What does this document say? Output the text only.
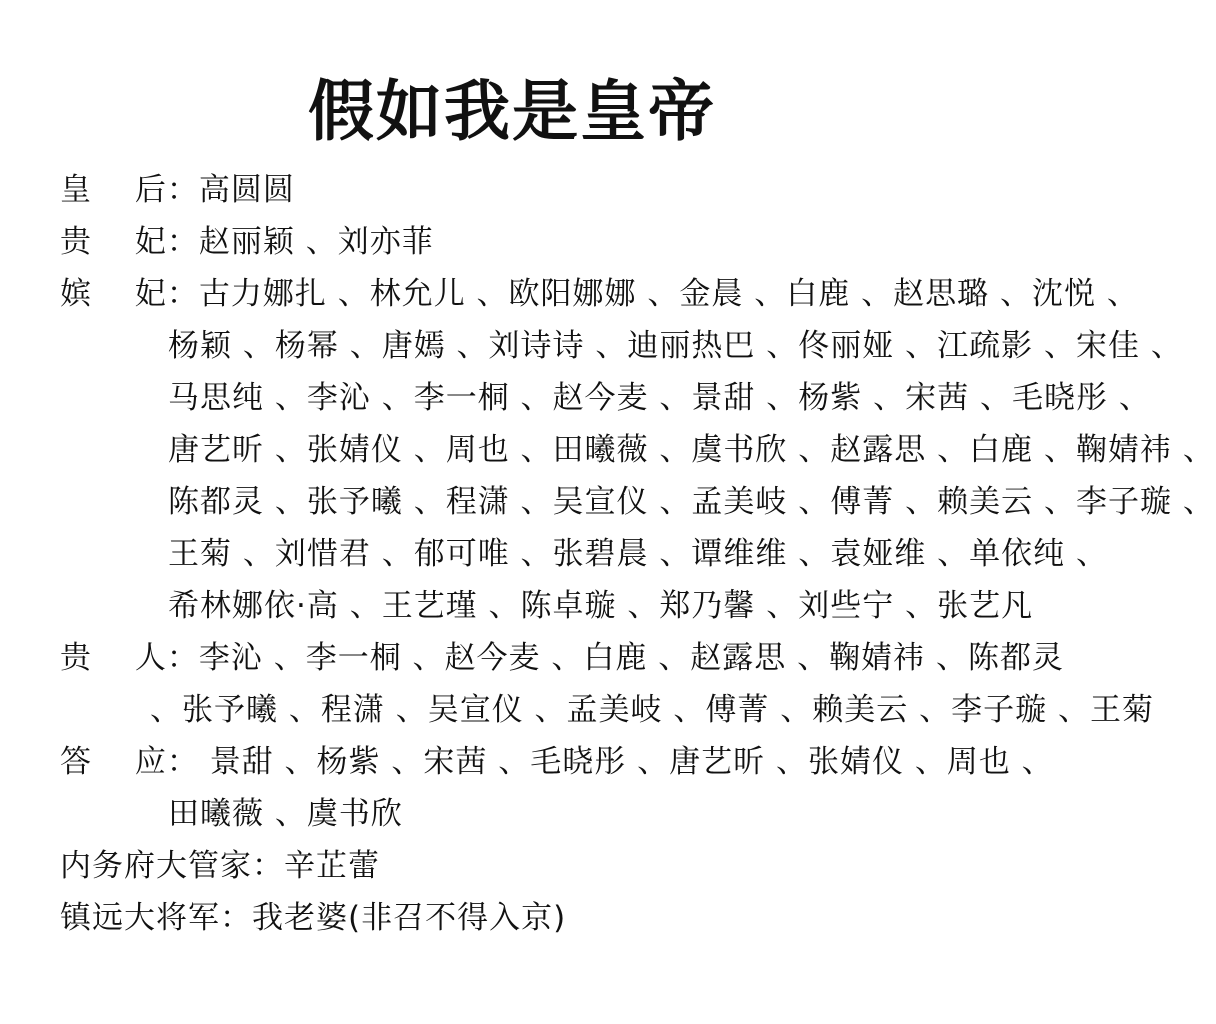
假如我是皇帝
皇　 后：高圆圆
贵　 妃：赵丽颖 、刘亦菲
嫔　 妃：古力娜扎 、林允儿 、欧阳娜娜 、金晨 、白鹿 、赵思璐 、沈悦 、
杨颖 、杨幂 、唐嫣 、刘诗诗 、迪丽热巴 、佟丽娅 、江疏影 、宋佳 、
马思纯 、李沁 、李一桐 、赵今麦 、景甜 、杨紫 、宋茜 、毛晓彤 、
唐艺昕 、张婧仪 、周也 、田曦薇 、虞书欣 、赵露思 、白鹿 、鞠婧祎 、
陈都灵 、张予曦 、程潇 、吴宣仪 、孟美岐 、傅菁 、赖美云 、李子璇 、
王菊 、刘惜君 、郁可唯 、张碧晨 、谭维维 、袁娅维 、单依纯 、
希林娜依·高 、王艺瑾 、陈卓璇 、郑乃馨 、刘些宁 、张艺凡
贵　 人：李沁 、李一桐 、赵今麦 、白鹿 、赵露思 、鞠婧祎 、陈都灵
、张予曦 、程潇 、吴宣仪 、孟美岐 、傅菁 、赖美云 、李子璇 、王菊
答　 应： 景甜 、杨紫 、宋茜 、毛晓彤 、唐艺昕 、张婧仪 、周也 、
田曦薇 、虞书欣
内务府大管家：辛芷蕾
镇远大将军：我老婆(非召不得入京)
